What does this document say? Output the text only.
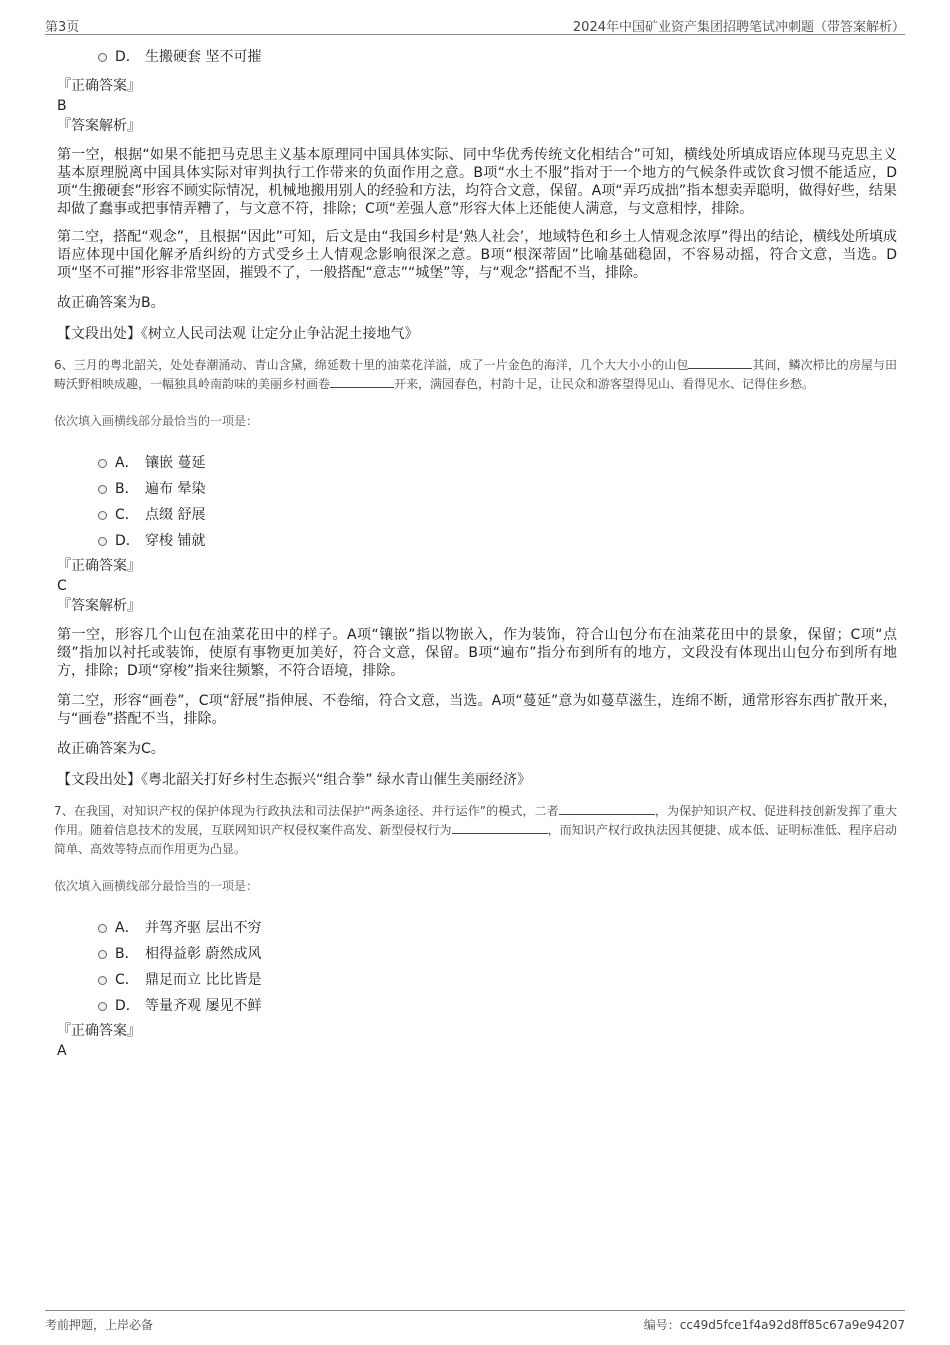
第3页	2024年中国矿业资产集团招聘笔试冲刺题（带答案解析）
D． 生搬硬套 坚不可摧
『正确答案』
B
『答案解析』

第一空，根据“如果不能把马克思主义基本原理同中国具体实际、同中华优秀传统文化相结合”可知，横线处所填成语应体现马克思主义基本原理脱离中国具体实际对审判执行工作带来的负面作用之意。B项“水土不服”指对于一个地方的气候条件或饮食习惯不能适应，D项“生搬硬套”形容不顾实际情况，机械地搬用别人的经验和方法，均符合文意，保留。A项“弄巧成拙”指本想卖弄聪明，做得好些，结果却做了蠢事或把事情弄糟了，与文意不符，排除；C项“差强人意”形容大体上还能使人满意，与文意相悖，排除。

第二空，搭配“观念”，且根据“因此”可知，后文是由“我国乡村是‘熟人社会’，地域特色和乡土人情观念浓厚”得出的结论，横线处所填成语应体现中国化解矛盾纠纷的方式受乡土人情观念影响很深之意。B项“根深蒂固”比喻基础稳固，不容易动摇，符合文意，当选。D项“坚不可摧”形容非常坚固，摧毁不了，一般搭配“意志”“城堡”等，与“观念”搭配不当，排除。

故正确答案为B。

【文段出处】《树立人民司法观 让定分止争沾泥土接地气》
6、三月的粤北韶关，处处春潮涌动、青山含黛，绵延数十里的油菜花洋溢，成了一片金色的海洋，几个大大小小的山包	其间，鳞次栉比的房屋与田畴沃野相映成趣，一幅独具岭南韵味的美丽乡村画卷	开来，满园春色，村韵十足，让民众和游客望得见山、看得见水、记得住乡愁。
依次填入画横线部分最恰当的一项是：
A． 镶嵌 蔓延
B． 遍布 晕染
C． 点缀 舒展
D． 穿梭 铺就
『正确答案』
C
『答案解析』

第一空，形容几个山包在油菜花田中的样子。A项“镶嵌”指以物嵌入，作为装饰，符合山包分布在油菜花田中的景象，保留；C项“点缀”指加以衬托或装饰，使原有事物更加美好，符合文意，保留。B项“遍布”指分布到所有的地方，文段没有体现出山包分布到所有地方，排除；D项“穿梭”指来往频繁，不符合语境，排除。

第二空，形容“画卷”，C项“舒展”指伸展、不卷缩，符合文意，当选。A项“蔓延”意为如蔓草滋生，连绵不断，通常形容东西扩散开来，与“画卷”搭配不当，排除。

故正确答案为C。

【文段出处】《粤北韶关打好乡村生态振兴“组合拳” 绿水青山催生美丽经济》
7、在我国，对知识产权的保护体现为行政执法和司法保护“两条途径、并行运作”的模式，二者	，为保护知识产权、促进科技创新发挥了重大作用。随着信息技术的发展，互联网知识产权侵权案件高发、新型侵权行为	，而知识产权行政执法因其便捷、成本低、证明标准低、程序启动简单、高效等特点而作用更为凸显。
依次填入画横线部分最恰当的一项是：
A． 并驾齐驱 层出不穷
B． 相得益彰 蔚然成风
C． 鼎足而立 比比皆是
D． 等量齐观 屡见不鲜
『正确答案』
A
考前押题，上岸必备	编号：cc49d5fce1f4a92d8ff85c67a9e94207
